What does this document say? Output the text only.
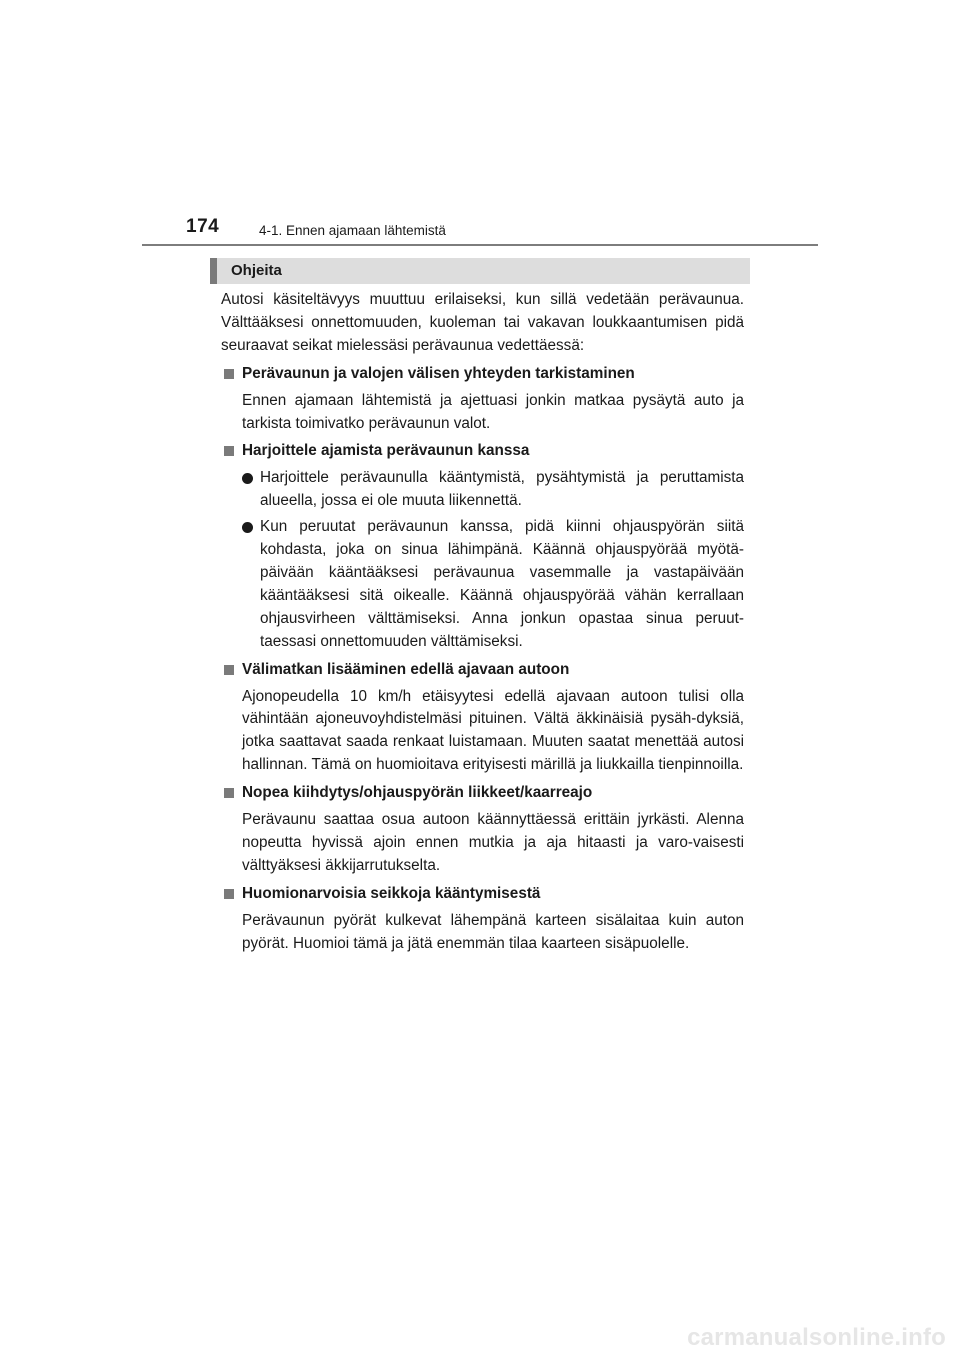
174	4-1. Ennen ajamaan lähtemistä
Ohjeita

Autosi käsiteltävyys muuttuu erilaiseksi, kun sillä vedetään perävaunua. Välttääksesi onnettomuuden, kuoleman tai vakavan loukkaantumisen pidä seuraavat seikat mielessäsi perävaunua vedettäessä:

Perävaunun ja valojen välisen yhteyden tarkistaminen

Ennen ajamaan lähtemistä ja ajettuasi jonkin matkaa pysäytä auto ja tarkista toimivatko perävaunun valot.

Harjoittele ajamista perävaunun kanssa
Harjoittele perävaunulla kääntymistä, pysähtymistä ja peruttamista alueella, jossa ei ole muuta liikennettä.
Kun peruutat perävaunun kanssa, pidä kiinni ohjauspyörän siitä kohdasta, joka on sinua lähimpänä. Käännä ohjauspyörää myötä-päivään kääntääksesi perävaunua vasemmalle ja vastapäivään kääntääksesi sitä oikealle. Käännä ohjauspyörää vähän kerrallaan ohjausvirheen välttämiseksi. Anna jonkun opastaa sinua peruut-taessasi onnettomuuden välttämiseksi.
Välimatkan lisääminen edellä ajavaan autoon

Ajonopeudella 10 km/h etäisyytesi edellä ajavaan autoon tulisi olla vähintään ajoneuvoyhdistelmäsi pituinen. Vältä äkkinäisiä pysäh-dyksiä, jotka saattavat saada renkaat luistamaan. Muuten saatat menettää autosi hallinnan. Tämä on huomioitava erityisesti märillä ja liukkailla tienpinnoilla.

Nopea kiihdytys/ohjauspyörän liikkeet/kaarreajo

Perävaunu saattaa osua autoon käännyttäessä erittäin jyrkästi. Alenna nopeutta hyvissä ajoin ennen mutkia ja aja hitaasti ja varo-vaisesti välttyäksesi äkkijarrutukselta.

Huomionarvoisia seikkoja kääntymisestä

Perävaunun pyörät kulkevat lähempänä karteen sisälaitaa kuin auton pyörät. Huomioi tämä ja jätä enemmän tilaa kaarteen sisäpuolelle.

carmanualsonline.info
